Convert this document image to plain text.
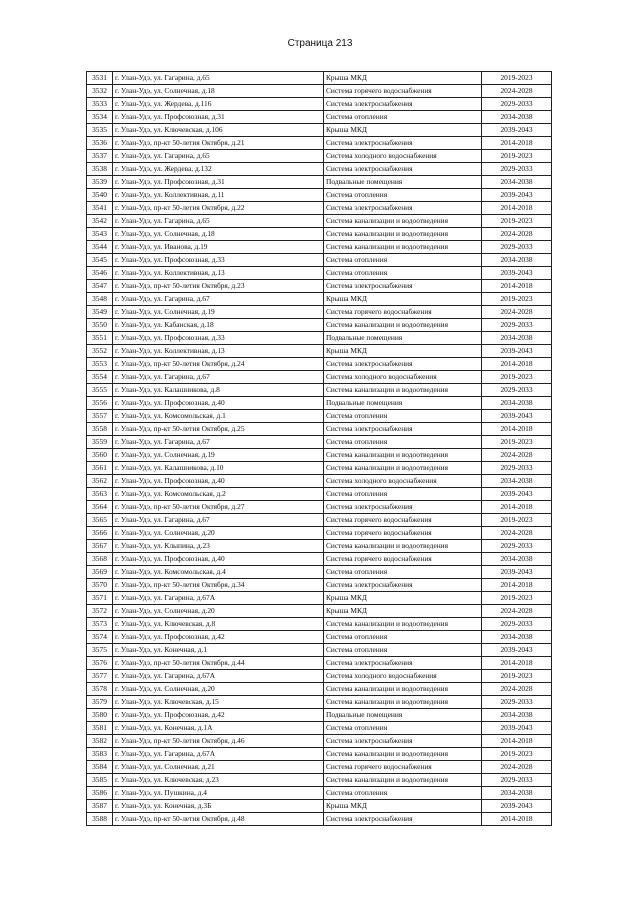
Страница 213
3531	г. Улан-Удэ, ул. Гагарина, д.65	Крыша МКД	2019-2023
3532	г. Улан-Удэ, ул. Солнечная, д.18	Система горячего водоснабжения	2024-2028
3533	г. Улан-Удэ, ул. Жердева, д.116	Система электроснабжения	2029-2033
3534	г. Улан-Удэ, ул. Профсоюзная, д.31	Система отопления	2034-2038
3535	г. Улан-Удэ, ул. Ключевская, д.106	Крыша МКД	2039-2043
3536	г. Улан-Удэ, пр-кт 50-летия Октября, д.21	Система электроснабжения	2014-2018
3537	г. Улан-Удэ, ул. Гагарина, д.65	Система холодного водоснабжения	2019-2023
3538	г. Улан-Удэ, ул. Жердева, д.132	Система электроснабжения	2029-2033
3539	г. Улан-Удэ, ул. Профсоюзная, д.31	Подвальные помещения	2034-2038
3540	г. Улан-Удэ, ул. Коллективная, д.11	Система отопления	2039-2043
3541	г. Улан-Удэ, пр-кт 50-летия Октября, д.22	Система электроснабжения	2014-2018
3542	г. Улан-Удэ, ул. Гагарина, д.65	Система канализации и водоотведения	2019-2023
3543	г. Улан-Удэ, ул. Солнечная, д.18	Система канализации и водоотведения	2024-2028
3544	г. Улан-Удэ, ул. Иванова, д.19	Система канализации и водоотведения	2029-2033
3545	г. Улан-Удэ, ул. Профсоюзная, д.33	Система отопления	2034-2038
3546	г. Улан-Удэ, ул. Коллективная, д.13	Система отопления	2039-2043
3547	г. Улан-Удэ, пр-кт 50-летия Октября, д.23	Система электроснабжения	2014-2018
3548	г. Улан-Удэ, ул. Гагарина, д.67	Крыша МКД	2019-2023
3549	г. Улан-Удэ, ул. Солнечная, д.19	Система горячего водоснабжения	2024-2028
3550	г. Улан-Удэ, ул. Кабанская, д.18	Система канализации и водоотведения	2029-2033
3551	г. Улан-Удэ, ул. Профсоюзная, д.33	Подвальные помещения	2034-2038
3552	г. Улан-Удэ, ул. Коллективная, д.13	Крыша МКД	2039-2043
3553	г. Улан-Удэ, пр-кт 50-летия Октября, д.24	Система электроснабжения	2014-2018
3554	г. Улан-Удэ, ул. Гагарина, д.67	Система холодного водоснабжения	2019-2023
3555	г. Улан-Удэ, ул. Калашникова, д.8	Система канализации и водоотведения	2029-2033
3556	г. Улан-Удэ, ул. Профсоюзная, д.40	Подвальные помещения	2034-2038
3557	г. Улан-Удэ, ул. Комсомольская, д.1	Система отопления	2039-2043
3558	г. Улан-Удэ, пр-кт 50-летия Октября, д.25	Система электроснабжения	2014-2018
3559	г. Улан-Удэ, ул. Гагарина, д.67	Система отопления	2019-2023
3560	г. Улан-Удэ, ул. Солнечная, д.19	Система канализации и водоотведения	2024-2028
3561	г. Улан-Удэ, ул. Калашникова, д.10	Система канализации и водоотведения	2029-2033
3562	г. Улан-Удэ, ул. Профсоюзная, д.40	Система холодного водоснабжения	2034-2038
3563	г. Улан-Удэ, ул. Комсомольская, д.2	Система отопления	2039-2043
3564	г. Улан-Удэ, пр-кт 50-летия Октября, д.27	Система электроснабжения	2014-2018
3565	г. Улан-Удэ, ул. Гагарина, д.67	Система горячего водоснабжения	2019-2023
3566	г. Улан-Удэ, ул. Солнечная, д.20	Система горячего водоснабжения	2024-2028
3567	г. Улан-Удэ, ул. Клыпина, д.23	Система канализации и водоотведения	2029-2033
3568	г. Улан-Удэ, ул. Профсоюзная, д.40	Система горячего водоснабжения	2034-2038
3569	г. Улан-Удэ, ул. Комсомольская, д.4	Система отопления	2039-2043
3570	г. Улан-Удэ, пр-кт 50-летия Октября, д.34	Система электроснабжения	2014-2018
3571	г. Улан-Удэ, ул. Гагарина, д.67А	Крыша МКД	2019-2023
3572	г. Улан-Удэ, ул. Солнечная, д.20	Крыша МКД	2024-2028
3573	г. Улан-Удэ, ул. Ключевская, д.8	Система канализации и водоотведения	2029-2033
3574	г. Улан-Удэ, ул. Профсоюзная, д.42	Система отопления	2034-2038
3575	г. Улан-Удэ, ул. Конечная, д.1	Система отопления	2039-2043
3576	г. Улан-Удэ, пр-кт 50-летия Октября, д.44	Система электроснабжения	2014-2018
3577	г. Улан-Удэ, ул. Гагарина, д.67А	Система холодного водоснабжения	2019-2023
3578	г. Улан-Удэ, ул. Солнечная, д.20	Система канализации и водоотведения	2024-2028
3579	г. Улан-Удэ, ул. Ключевская, д.15	Система канализации и водоотведения	2029-2033
3580	г. Улан-Удэ, ул. Профсоюзная, д.42	Подвальные помещения	2034-2038
3581	г. Улан-Удэ, ул. Конечная, д.1А	Система отопления	2039-2043
3582	г. Улан-Удэ, пр-кт 50-летия Октября, д.46	Система электроснабжения	2014-2018
3583	г. Улан-Удэ, ул. Гагарина, д.67А	Система канализации и водоотведения	2019-2023
3584	г. Улан-Удэ, ул. Солнечная, д.21	Система горячего водоснабжения	2024-2028
3585	г. Улан-Удэ, ул. Ключевская, д.23	Система канализации и водоотведения	2029-2033
3586	г. Улан-Удэ, ул. Пушкина, д.4	Система отопления	2034-2038
3587	г. Улан-Удэ, ул. Конечная, д.3Б	Крыша МКД	2039-2043
3588	г. Улан-Удэ, пр-кт 50-летия Октября, д.48	Система электроснабжения	2014-2018
